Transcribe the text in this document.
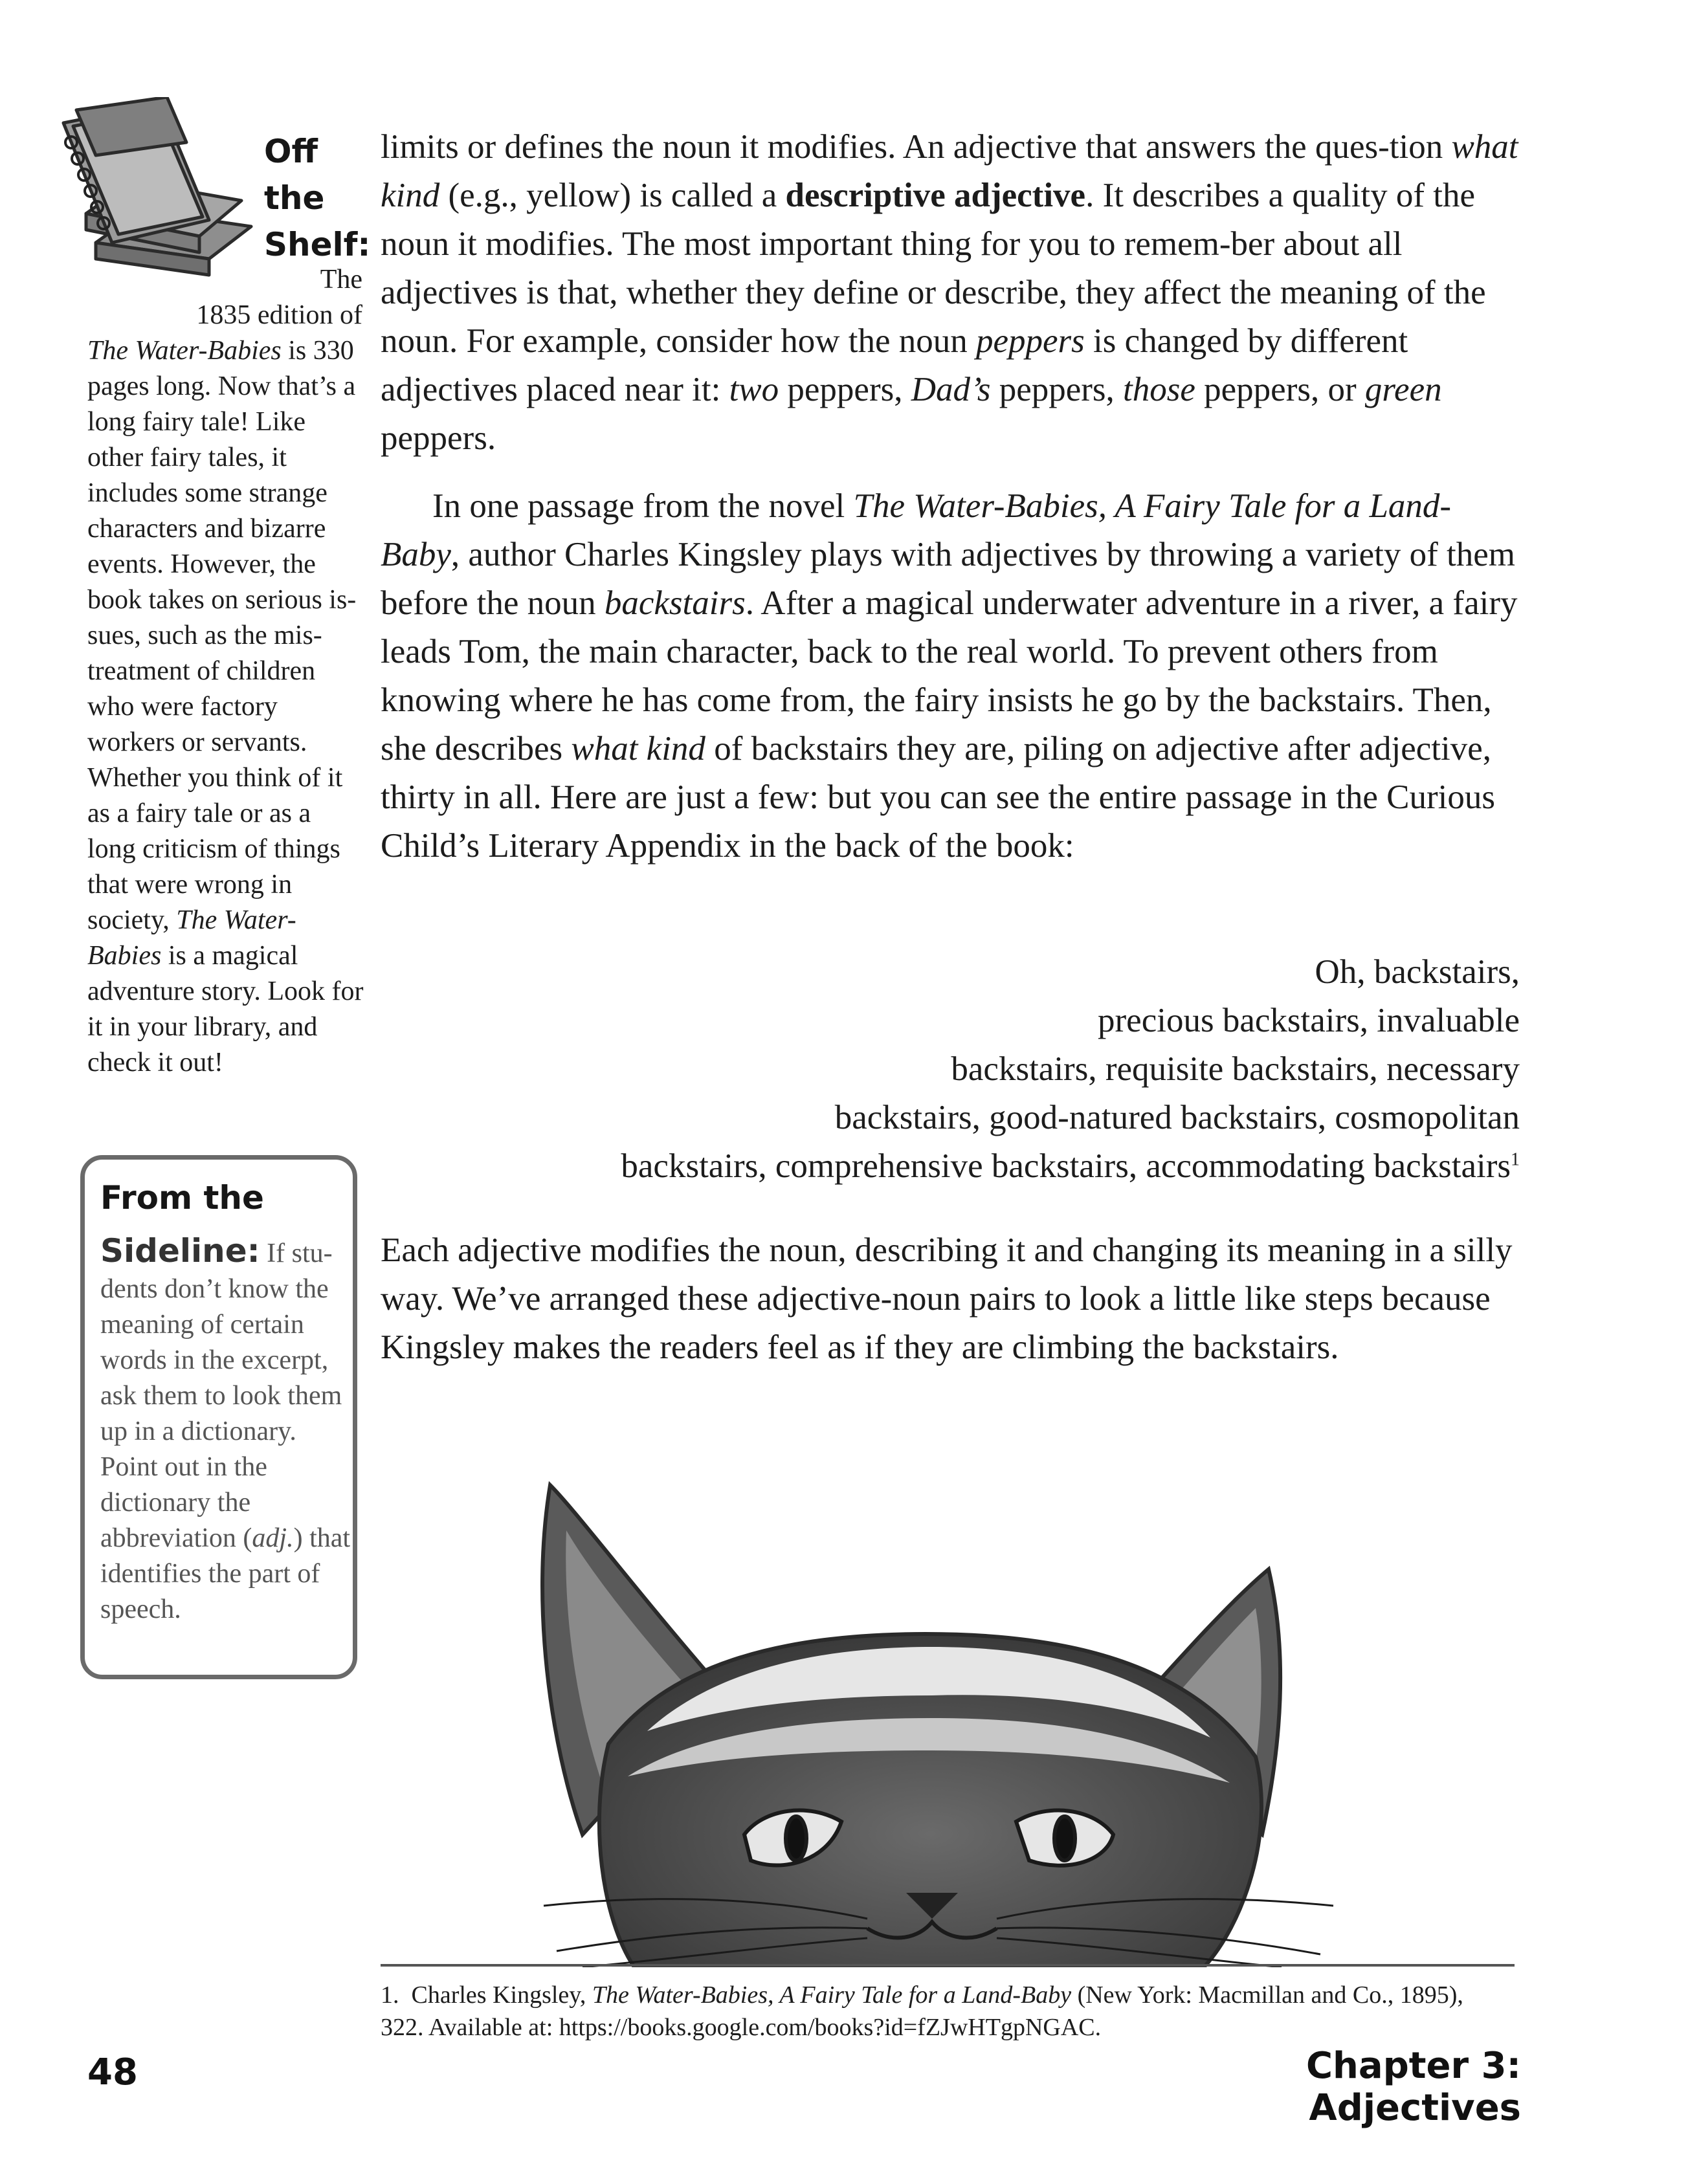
Off
the
Shelf:
The
1835 edition of
The Water-Babies is 330 pages long. Now that’s a long fairy tale! Like other fairy tales, it includes some strange characters and bizarre events. However, the book takes on serious is-sues, such as the mis-treatment of children who were factory workers or servants. Whether you think of it as a fairy tale or as a long criticism of things that were wrong in society, The Water-Babies is a magical adventure story. Look for it in your library, and check it out!
From the
Sideline: If stu-dents don’t know the meaning of certain words in the excerpt, ask them to look them up in a dictionary. Point out in the dictionary the abbreviation (adj.) that identifies the part of speech.
limits or defines the noun it modifies. An adjective that answers the ques-tion what kind (e.g., yellow) is called a descriptive adjective. It describes a quality of the noun it modifies. The most important thing for you to remem-ber about all adjectives is that, whether they define or describe, they affect the meaning of the noun. For example, consider how the noun peppers is changed by different adjectives placed near it: two peppers, Dad’s peppers, those peppers, or green peppers.
In one passage from the novel The Water-Babies, A Fairy Tale for a Land-Baby, author Charles Kingsley plays with adjectives by throwing a variety of them before the noun backstairs. After a magical underwater adventure in a river, a fairy leads Tom, the main character, back to the real world. To prevent others from knowing where he has come from, the fairy insists he go by the backstairs. Then, she describes what kind of backstairs they are, piling on adjective after adjective, thirty in all. Here are just a few: but you can see the entire passage in the Curious Child’s Literary Appendix in the back of the book:
Oh, backstairs,
precious backstairs, invaluable
backstairs, requisite backstairs, necessary
backstairs, good-natured backstairs, cosmopolitan
backstairs, comprehensive backstairs, accommodating backstairs$^1$
Each adjective modifies the noun, describing it and changing its meaning in a silly way. We’ve arranged these adjective-noun pairs to look a little like steps because Kingsley makes the readers feel as if they are climbing the backstairs.
1. Charles Kingsley, The Water-Babies, A Fairy Tale for a Land-Baby (New York: Macmillan and Co., 1895), 322. Available at: https://books.google.com/books?id=fZJwHTgpNGAC.
48	Chapter 3: Adjectives
